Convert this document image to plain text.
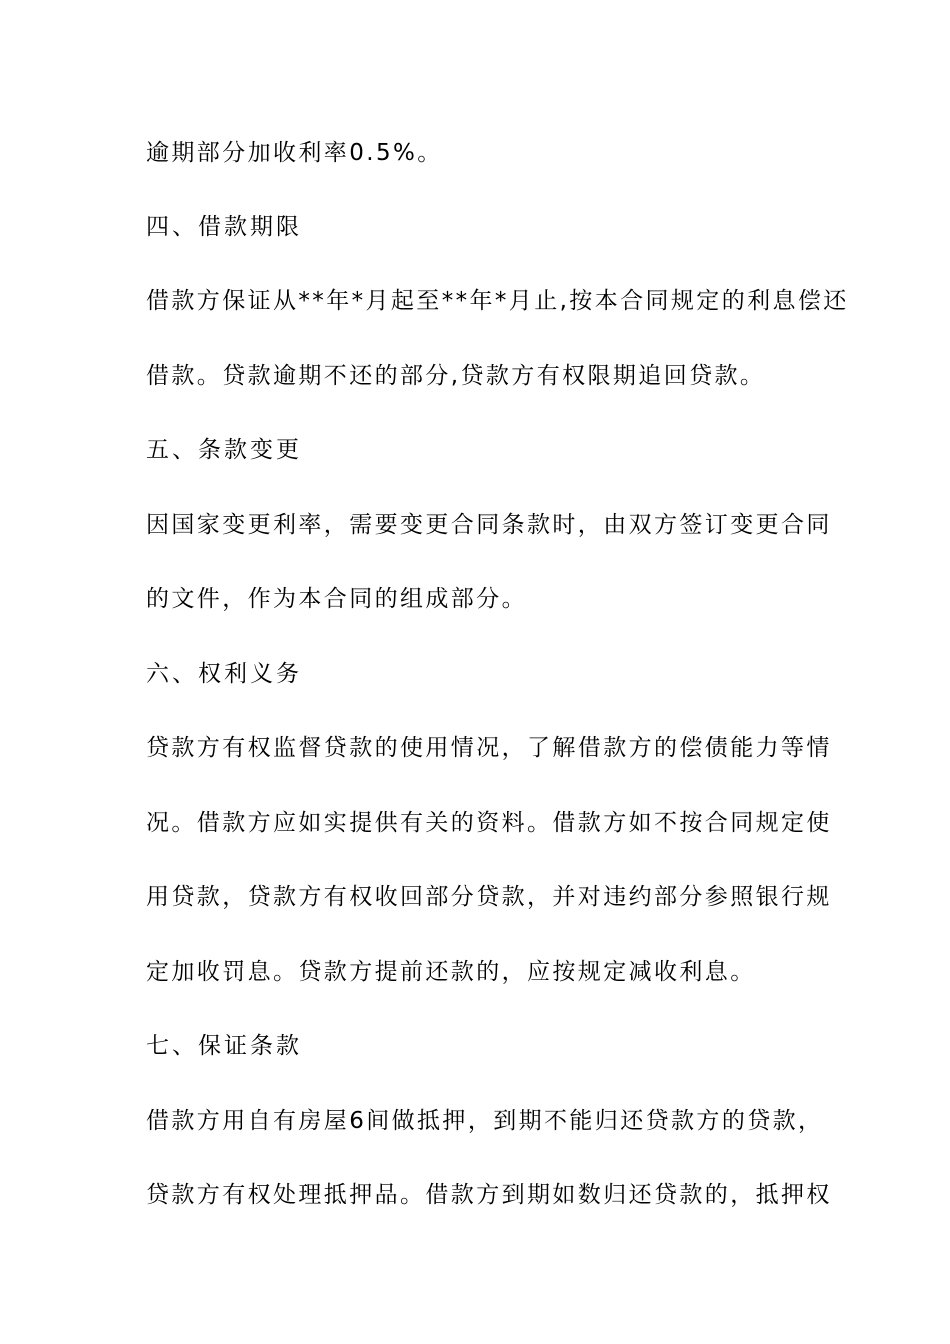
逾期部分加收利率0.5%。
四、借款期限
借款方保证从**年*月起至**年*月止,按本合同规定的利息偿还
借款。贷款逾期不还的部分,贷款方有权限期追回贷款。
五、条款变更
因国家变更利率，需要变更合同条款时，由双方签订变更合同
的文件，作为本合同的组成部分。
六、权利义务
贷款方有权监督贷款的使用情况，了解借款方的偿债能力等情
况。借款方应如实提供有关的资料。借款方如不按合同规定使
用贷款，贷款方有权收回部分贷款，并对违约部分参照银行规
定加收罚息。贷款方提前还款的，应按规定减收利息。
七、保证条款
借款方用自有房屋6间做抵押，到期不能归还贷款方的贷款，
贷款方有权处理抵押品。借款方到期如数归还贷款的，抵押权
